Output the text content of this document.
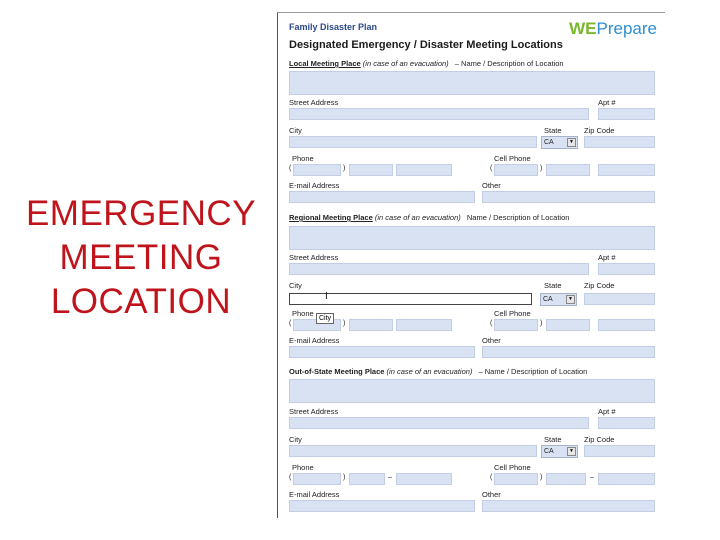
EMERGENCY
MEETING
LOCATION
Family Disaster Plan
Designated Emergency / Disaster Meeting Locations
WEPrepare
Local Meeting Place (in case of an evacuation) – Name / Description of Location
Street Address	Apt #
City	State	Zip Code
CA	▼
Phone	Cell Phone
(	)	(	)
E-mail Address	Other
Regional Meeting Place (in case of an evacuation) Name / Description of Location
Street Address	Apt #
City	State	Zip Code
CA	▼
I
Phone	Cell Phone
(	)	(	)
City
E-mail Address	Other
Out-of-State Meeting Place (in case of an evacuation) – Name / Description of Location
Street Address	Apt #
City	State	Zip Code
CA	▼
Phone	Cell Phone
(	)	–	(	)	–
E-mail Address	Other
